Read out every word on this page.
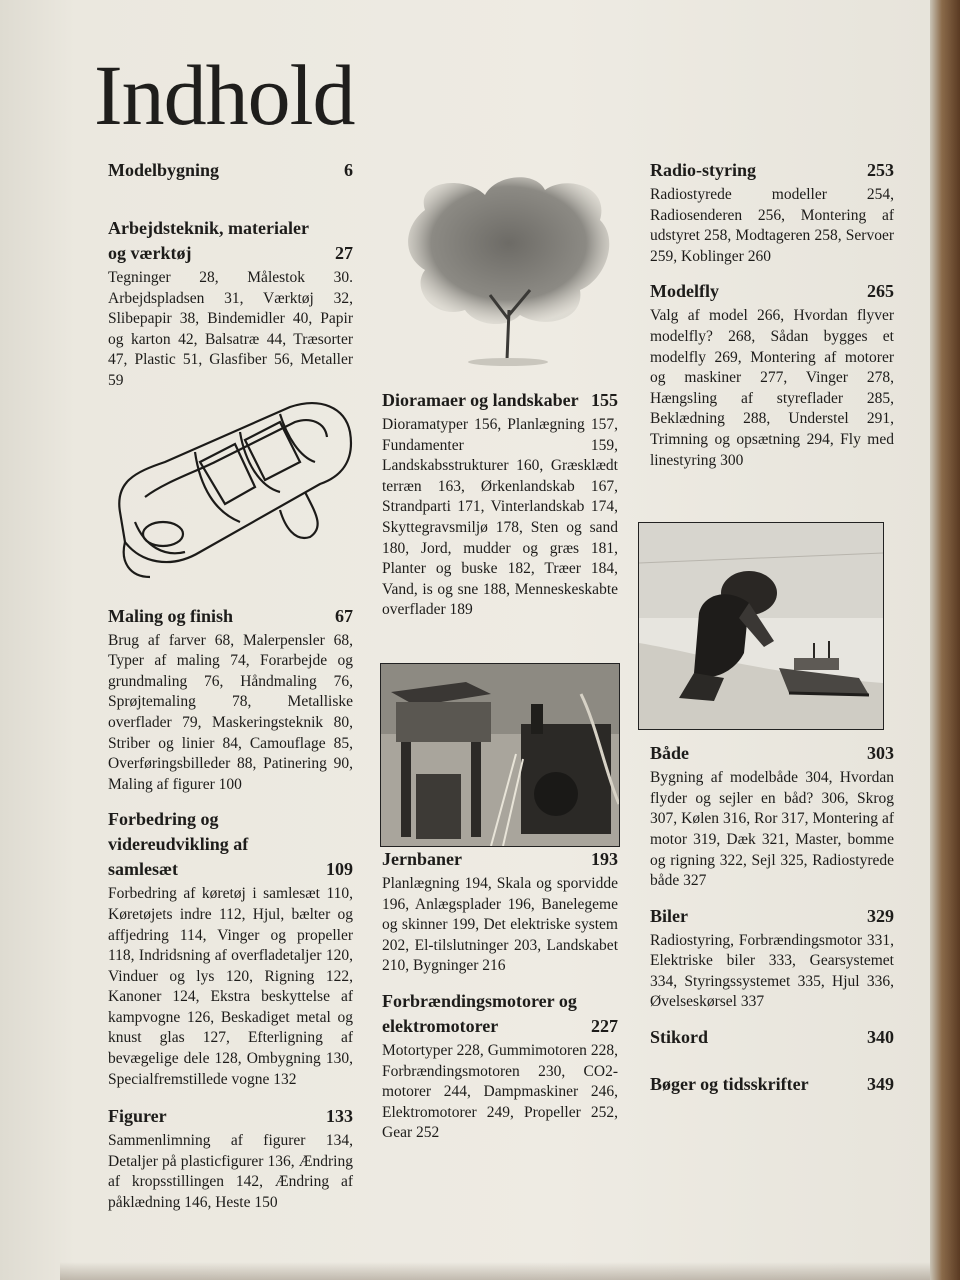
Indhold
Modelbygning	6
Arbejdsteknik, materialer og værktøj	27
Tegninger 28, Målestok 30. Arbejdspladsen 31, Værktøj 32, Slibepapir 38, Bindemidler 40, Papir og karton 42, Balsatræ 44, Træsorter 47, Plastic 51, Glasfiber 56, Metaller 59
Maling og finish	67
Brug af farver 68, Malerpensler 68, Typer af maling 74, Forarbejde og grundmaling 76, Håndmaling 76, Sprøjtemaling 78, Metalliske overflader 79, Maskeringsteknik 80, Striber og linier 84, Camouflage 85, Overføringsbilleder 88, Patinering 90, Maling af figurer 100
Forbedring og videreudvikling af samlesæt	109
Forbedring af køretøj i samlesæt 110, Køretøjets indre 112, Hjul, bælter og affjedring 114, Vinger og propeller 118, Indridsning af overfladetaljer 120, Vinduer og lys 120, Rigning 122, Kanoner 124, Ekstra beskyttelse af kampvogne 126, Beskadiget metal og knust glas 127, Efterligning af bevægelige dele 128, Ombygning 130, Specialfremstillede vogne 132
Figurer	133
Sammenlimning af figurer 134, Detaljer på plasticfigurer 136, Ændring af kropsstillingen 142, Ændring af påklædning 146, Heste 150
Dioramaer og landskaber 155
Dioramatyper 156, Planlægning 157, Fundamenter 159, Landskabsstrukturer 160, Græsklædt terræn 163, Ørkenlandskab 167, Strandparti 171, Vinterlandskab 174, Skyttegravsmiljø 178, Sten og sand 180, Jord, mudder og græs 181, Planter og buske 182, Træer 184, Vand, is og sne 188, Menneskeskabte overflader 189
Jernbaner	193
Planlægning 194, Skala og sporvidde 196, Anlægsplader 196, Banelegeme og skinner 199, Det elektriske system 202, El-tilslutninger 203, Landskabet 210, Bygninger 216
Forbrændingsmotorer og elektromotorer	227
Motortyper 228, Gummimotoren 228, Forbrændingsmotoren 230, CO2-motorer 244, Dampmaskiner 246, Elektromotorer 249, Propeller 252, Gear 252
Radio-styring	253
Radiostyrede modeller 254, Radiosenderen 256, Montering af udstyret 258, Modtageren 258, Servoer 259, Koblinger 260
Modelfly	265
Valg af model 266, Hvordan flyver modelfly? 268, Sådan bygges et modelfly 269, Montering af motorer og maskiner 277, Vinger 278, Hængsling af styreflader 285, Beklædning 288, Understel 291, Trimning og opsætning 294, Fly med linestyring 300
Både	303
Bygning af modelbåde 304, Hvordan flyder og sejler en båd? 306, Skrog 307, Kølen 316, Ror 317, Montering af motor 319, Dæk 321, Master, bomme og rigning 322, Sejl 325, Radiostyrede både 327
Biler	329
Radiostyring, Forbrændingsmotor 331, Elektriske biler 333, Gearsystemet 334, Styringssystemet 335, Hjul 336, Øvelseskørsel 337
Stikord	340
Bøger og tidsskrifter	349
